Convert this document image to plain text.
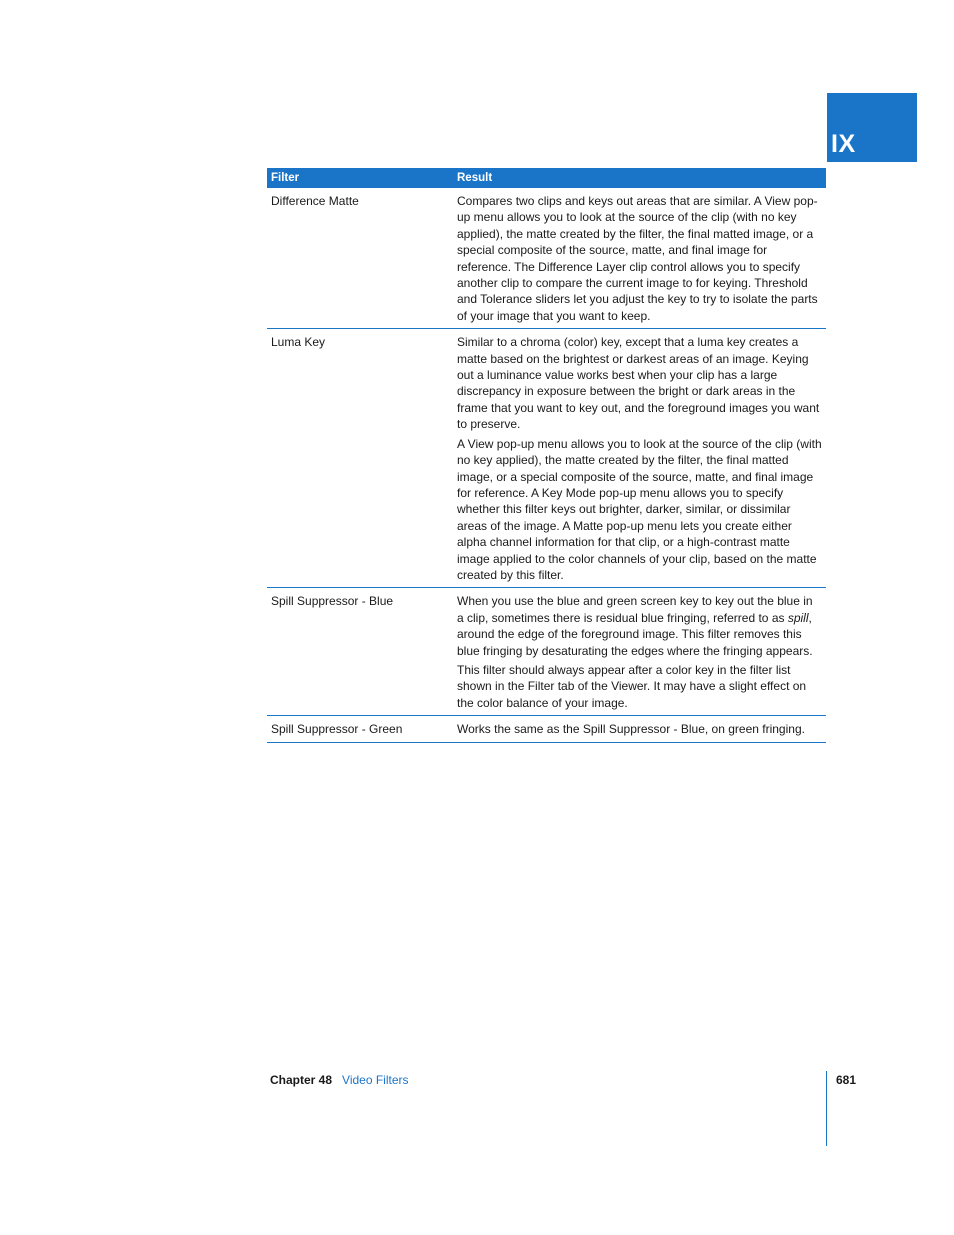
IX
Filter	Result
Difference Matte	Compares two clips and keys out areas that are similar. A View pop-up menu allows you to look at the source of the clip (with no key applied), the matte created by the filter, the final matted image, or a special composite of the source, matte, and final image for reference. The Difference Layer clip control allows you to specify another clip to compare the current image to for keying. Threshold and Tolerance sliders let you adjust the key to try to isolate the parts of your image that you want to keep.

Luma Key	Similar to a chroma (color) key, except that a luma key creates a matte based on the brightest or darkest areas of an image. Keying out a luminance value works best when your clip has a large discrepancy in exposure between the bright or dark areas in the frame that you want to key out, and the foreground images you want to preserve.

A View pop-up menu allows you to look at the source of the clip (with no key applied), the matte created by the filter, the final matted image, or a special composite of the source, matte, and final image for reference. A Key Mode pop-up menu allows you to specify whether this filter keys out brighter, darker, similar, or dissimilar areas of the image. A Matte pop-up menu lets you create either alpha channel information for that clip, or a high-contrast matte image applied to the color channels of your clip, based on the matte created by this filter.

Spill Suppressor - Blue	When you use the blue and green screen key to key out the blue in a clip, sometimes there is residual blue fringing, referred to as spill, around the edge of the foreground image. This filter removes this blue fringing by desaturating the edges where the fringing appears.

This filter should always appear after a color key in the filter list shown in the Filter tab of the Viewer. It may have a slight effect on the color balance of your image.

Spill Suppressor - Green	Works the same as the Spill Suppressor - Blue, on green fringing.

Chapter 48 Video Filters	681
